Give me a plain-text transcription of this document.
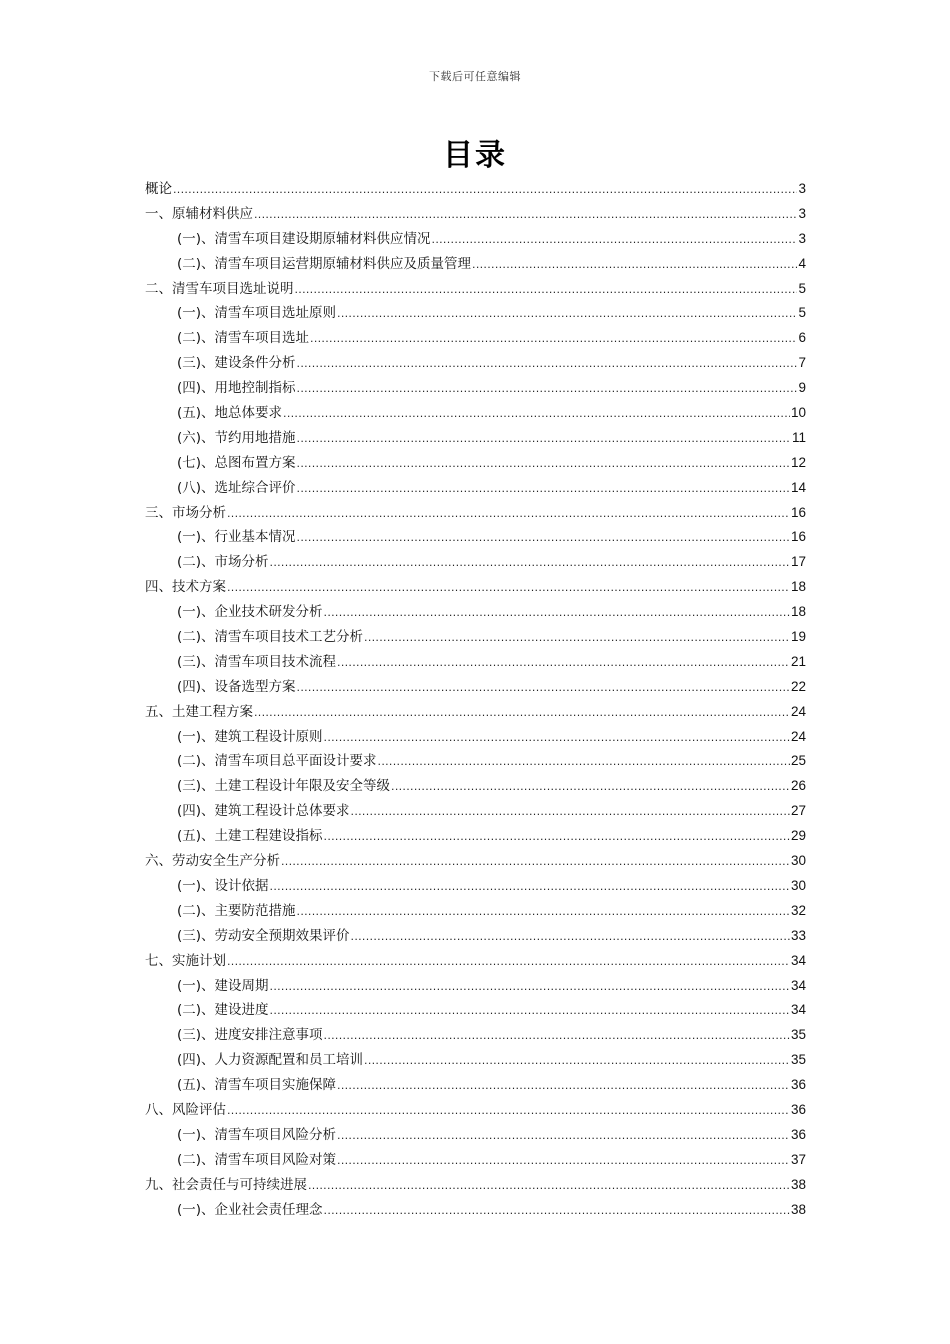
下载后可任意编辑
目录
概论 .....	3
一、原辅材料供应 .....	3
(一)、清雪车项目建设期原辅材料供应情况 .....	3
(二)、清雪车项目运营期原辅材料供应及质量管理 .....	4
二、清雪车项目选址说明 .....	5
(一)、清雪车项目选址原则 .....	5
(二)、清雪车项目选址 .....	6
(三)、建设条件分析 .....	7
(四)、用地控制指标 .....	9
(五)、地总体要求 .....	10
(六)、节约用地措施 .....	11
(七)、总图布置方案 .....	12
(八)、选址综合评价 .....	14
三、市场分析 .....	16
(一)、行业基本情况 .....	16
(二)、市场分析 .....	17
四、技术方案 .....	18
(一)、企业技术研发分析 .....	18
(二)、清雪车项目技术工艺分析 .....	19
(三)、清雪车项目技术流程 .....	21
(四)、设备选型方案 .....	22
五、土建工程方案 .....	24
(一)、建筑工程设计原则 .....	24
(二)、清雪车项目总平面设计要求 .....	25
(三)、土建工程设计年限及安全等级 .....	26
(四)、建筑工程设计总体要求 .....	27
(五)、土建工程建设指标 .....	29
六、劳动安全生产分析 .....	30
(一)、设计依据 .....	30
(二)、主要防范措施 .....	32
(三)、劳动安全预期效果评价 .....	33
七、实施计划 .....	34
(一)、建设周期 .....	34
(二)、建设进度 .....	34
(三)、进度安排注意事项 .....	35
(四)、人力资源配置和员工培训 .....	35
(五)、清雪车项目实施保障 .....	36
八、风险评估 .....	36
(一)、清雪车项目风险分析 .....	36
(二)、清雪车项目风险对策 .....	37
九、社会责任与可持续进展 .....	38
(一)、企业社会责任理念 .....	38
